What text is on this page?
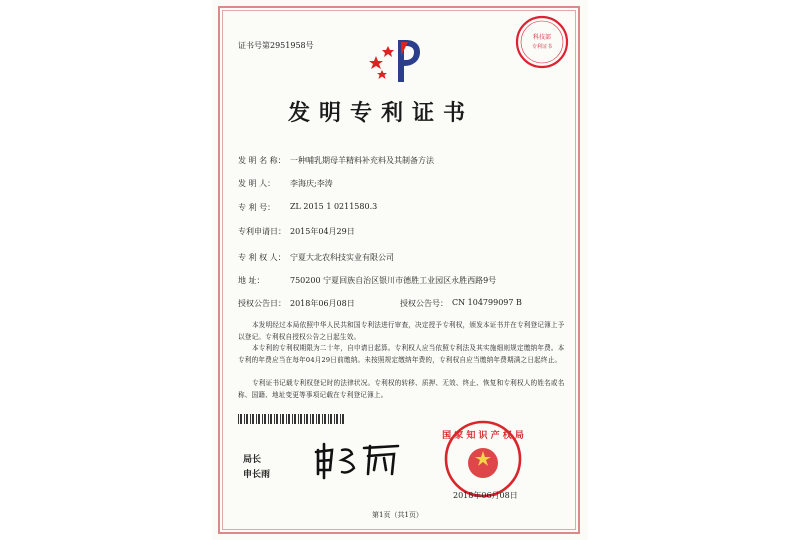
证书号第2951958号
科技部
专利证书
发明专利证书
发 明 名 称： 一种哺乳期母羊精料补充料及其制备方法
发 明 人： 李海庆;李涛
专 利 号： ZL 2015 1 0211580.3
专利申请日： 2015年04月29日
专 利 权 人： 宁夏大北农科技实业有限公司
地 址：	750200 宁夏回族自治区银川市德胜工业园区永胜西路9号
授权公告日： 2018年06月08日	授权公告号： CN 104799097 B
本发明经过本局依照中华人民共和国专利法进行审查，决定授予专利权，颁发本证书并在专利登记簿上予以登记。专利权自授权公告之日起生效。
本专利的专利权期限为二十年，自申请日起算。专利权人应当依照专利法及其实施细则规定缴纳年费。本专利的年费应当在每年04月29日前缴纳。未按照规定缴纳年费的，专利权自应当缴纳年费期满之日起终止。
专利证书记载专利权登记时的法律状况。专利权的转移、质押、无效、终止、恢复和专利权人的姓名或名称、国籍、地址变更等事项记载在专利登记簿上。
局长
申长雨
国 家 知 识 产 权 局
2018年06月08日
第1页（共1页）
